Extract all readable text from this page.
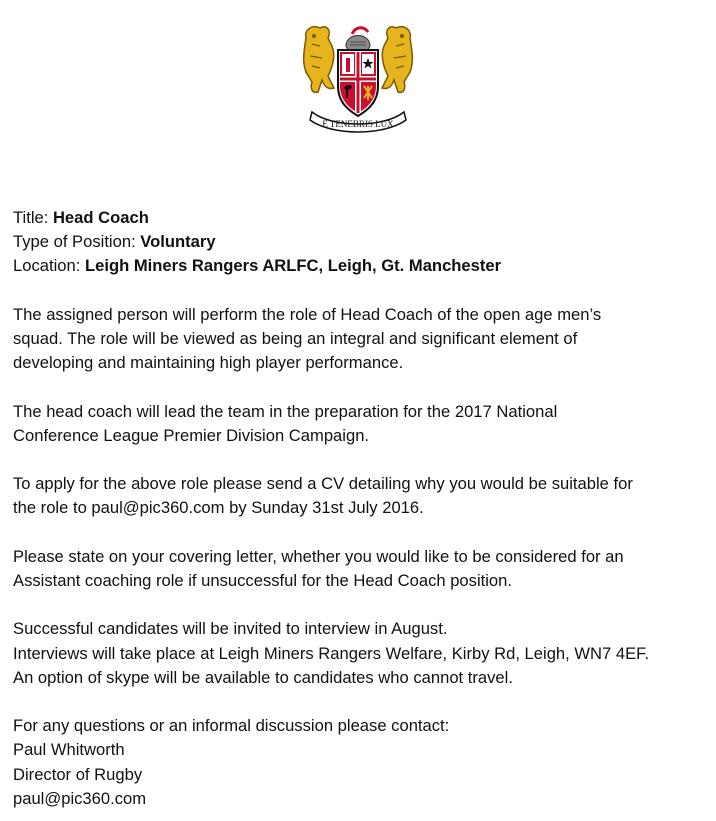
E TENEBRIS LUX
Title: Head Coach
Type of Position: Voluntary
Location: Leigh Miners Rangers ARLFC, Leigh, Gt. Manchester
The assigned person will perform the role of Head Coach of the open age men’s
squad. The role will be viewed as being an integral and significant element of
developing and maintaining high player performance.
The head coach will lead the team in the preparation for the 2017 National
Conference League Premier Division Campaign.
To apply for the above role please send a CV detailing why you would be suitable for
the role to paul@pic360.com by Sunday 31st July 2016.
Please state on your covering letter, whether you would like to be considered for an
Assistant coaching role if unsuccessful for the Head Coach position.
Successful candidates will be invited to interview in August.
Interviews will take place at Leigh Miners Rangers Welfare, Kirby Rd, Leigh, WN7 4EF.
An option of skype will be available to candidates who cannot travel.
For any questions or an informal discussion please contact:
Paul Whitworth
Director of Rugby
paul@pic360.com
